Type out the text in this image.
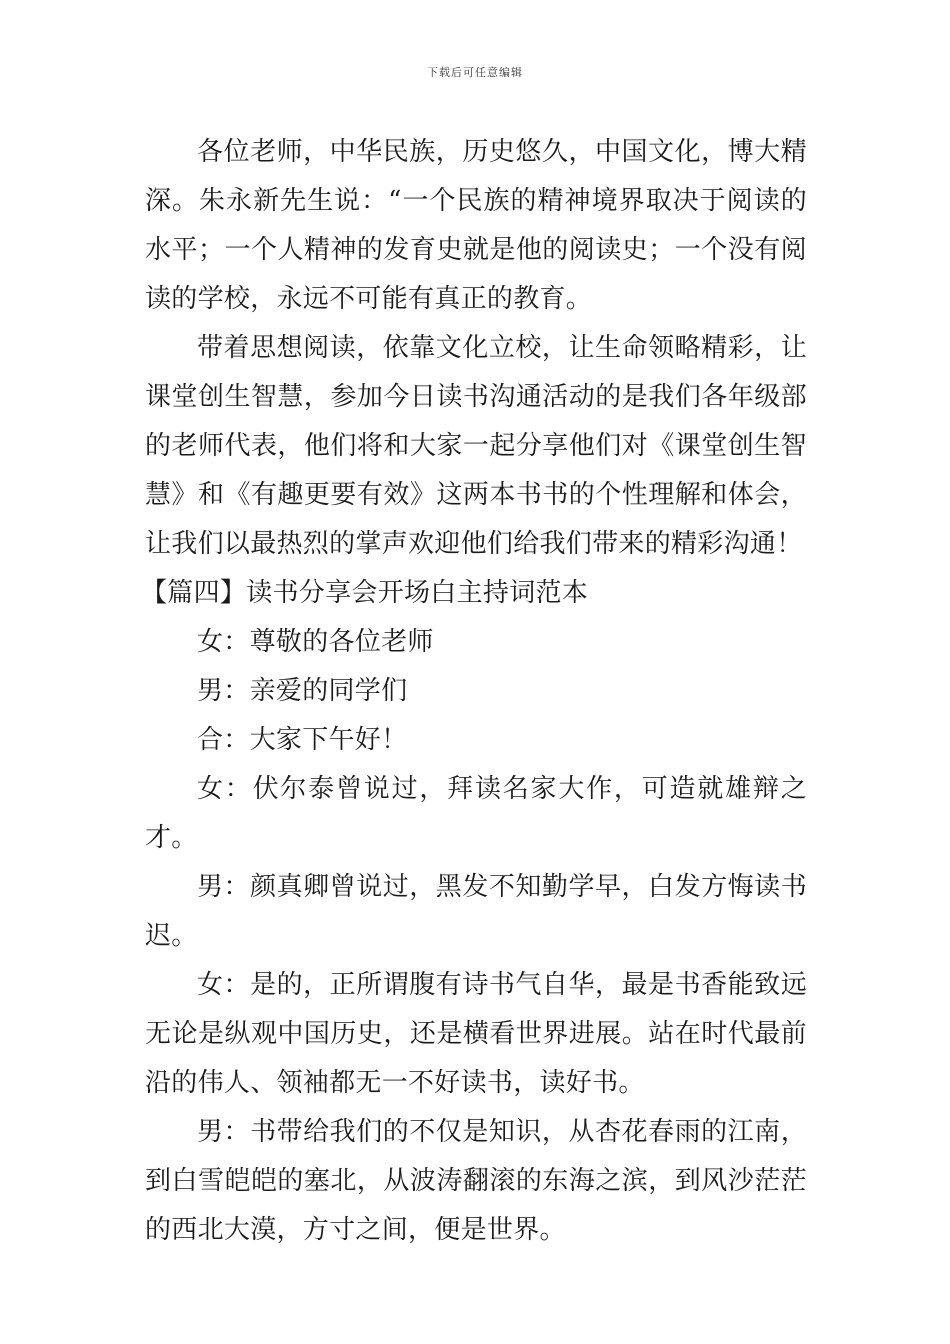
下载后可任意编辑

各位老师，中华民族，历史悠久，中国文化，博大精深。朱永新先生说：“一个民族的精神境界取决于阅读的水平；一个人精神的发育史就是他的阅读史；一个没有阅读的学校，永远不可能有真正的教育。

带着思想阅读，依靠文化立校，让生命领略精彩，让课堂创生智慧，参加今日读书沟通活动的是我们各年级部的老师代表，他们将和大家一起分享他们对《课堂创生智慧》和《有趣更要有效》这两本书书的个性理解和体会，让我们以最热烈的掌声欢迎他们给我们带来的精彩沟通！

【篇四】读书分享会开场白主持词范本

女：尊敬的各位老师

男：亲爱的同学们

合：大家下午好！

女：伏尔泰曾说过，拜读名家大作，可造就雄辩之才。

男：颜真卿曾说过，黑发不知勤学早，白发方悔读书迟。

女：是的，正所谓腹有诗书气自华，最是书香能致远无论是纵观中国历史，还是横看世界进展。站在时代最前沿的伟人、领袖都无一不好读书，读好书。

男：书带给我们的不仅是知识，从杏花春雨的江南，到白雪皑皑的塞北，从波涛翻滚的东海之滨，到风沙茫茫的西北大漠，方寸之间，便是世界。
